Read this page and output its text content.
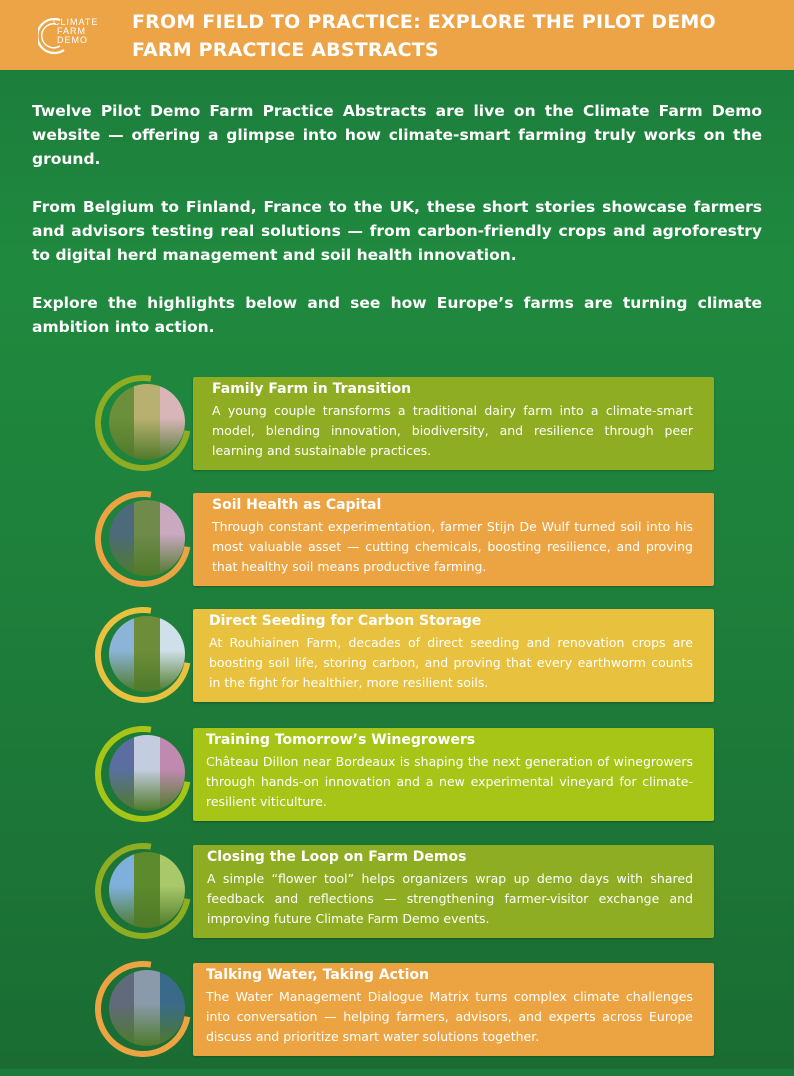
CLIMATE
FARM
DEMO
FROM FIELD TO PRACTICE: EXPLORE THE PILOT DEMO FARM PRACTICE ABSTRACTS
Twelve Pilot Demo Farm Practice Abstracts are live on the Climate Farm Demo website — offering a glimpse into how climate-smart farming truly works on the ground.
From Belgium to Finland, France to the UK, these short stories showcase farmers and advisors testing real solutions — from carbon-friendly crops and agroforestry to digital herd management and soil health innovation.
Explore the highlights below and see how Europe’s farms are turning climate ambition into action.
Family Farm in Transition
A young couple transforms a traditional dairy farm into a climate-smart model, blending innovation, biodiversity, and resilience through peer learning and sustainable practices.
Soil Health as Capital
Through constant experimentation, farmer Stijn De Wulf turned soil into his most valuable asset — cutting chemicals, boosting resilience, and proving that healthy soil means productive farming.
Direct Seeding for Carbon Storage
At Rouhiainen Farm, decades of direct seeding and renovation crops are boosting soil life, storing carbon, and proving that every earthworm counts in the fight for healthier, more resilient soils.
Training Tomorrow’s Winegrowers
Château Dillon near Bordeaux is shaping the next generation of winegrowers through hands-on innovation and a new experimental vineyard for climate-resilient viticulture.
Closing the Loop on Farm Demos
A simple “flower tool” helps organizers wrap up demo days with shared feedback and reflections — strengthening farmer-visitor exchange and improving future Climate Farm Demo events.
Talking Water, Taking Action
The Water Management Dialogue Matrix turns complex climate challenges into conversation — helping farmers, advisors, and experts across Europe discuss and prioritize smart water solutions together.
